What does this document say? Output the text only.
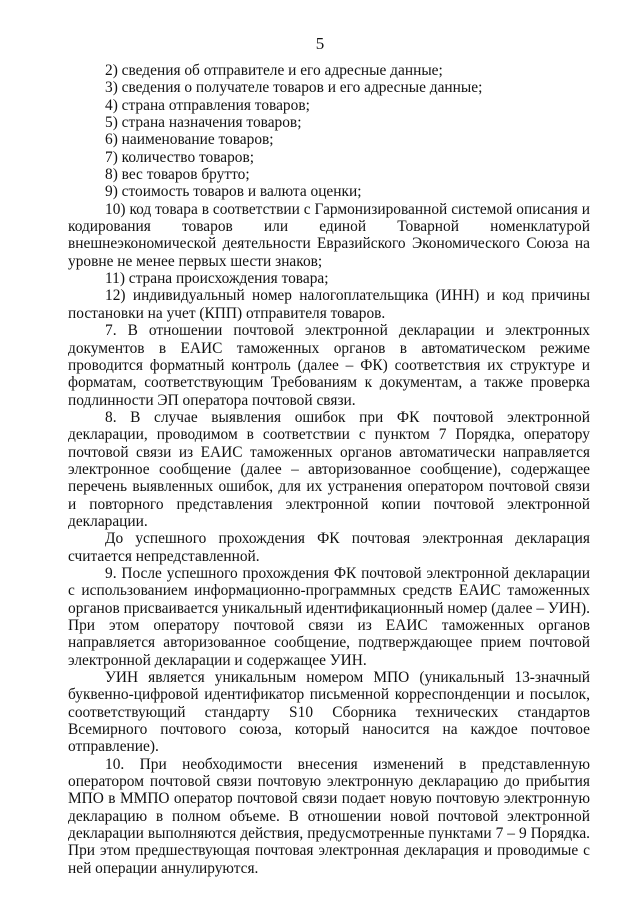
5

2) сведения об отправителе и его адресные данные;

3) сведения о получателе товаров и его адресные данные;

4) страна отправления товаров;

5) страна назначения товаров;

6) наименование товаров;

7) количество товаров;

8) вес товаров брутто;

9) стоимость товаров и валюта оценки;

10) код товара в соответствии с Гармонизированной системой описания и кодирования товаров или единой Товарной номенклатурой внешнеэкономической деятельности Евразийского Экономического Союза на уровне не менее первых шести знаков;

11) страна происхождения товара;

12) индивидуальный номер налогоплательщика (ИНН) и код причины постановки на учет (КПП) отправителя товаров.

7. В отношении почтовой электронной декларации и электронных документов в ЕАИС таможенных органов в автоматическом режиме проводится форматный контроль (далее – ФК) соответствия их структуре и форматам, соответствующим Требованиям к документам, а также проверка подлинности ЭП оператора почтовой связи.

8. В случае выявления ошибок при ФК почтовой электронной декларации, проводимом в соответствии с пунктом 7 Порядка, оператору почтовой связи из ЕАИС таможенных органов автоматически направляется электронное сообщение (далее – авторизованное сообщение), содержащее перечень выявленных ошибок, для их устранения оператором почтовой связи и повторного представления электронной копии почтовой электронной декларации.

До успешного прохождения ФК почтовая электронная декларация считается непредставленной.

9. После успешного прохождения ФК почтовой электронной декларации с использованием информационно-программных средств ЕАИС таможенных органов присваивается уникальный идентификационный номер (далее – УИН). При этом оператору почтовой связи из ЕАИС таможенных органов направляется авторизованное сообщение, подтверждающее прием почтовой электронной декларации и содержащее УИН.

УИН является уникальным номером МПО (уникальный 13-значный буквенно-цифровой идентификатор письменной корреспонденции и посылок, соответствующий стандарту S10 Сборника технических стандартов Всемирного почтового союза, который наносится на каждое почтовое отправление).

10. При необходимости внесения изменений в представленную оператором почтовой связи почтовую электронную декларацию до прибытия МПО в ММПО оператор почтовой связи подает новую почтовую электронную декларацию в полном объеме. В отношении новой почтовой электронной декларации выполняются действия, предусмотренные пунктами 7 – 9 Порядка. При этом предшествующая почтовая электронная декларация и проводимые с ней операции аннулируются.
